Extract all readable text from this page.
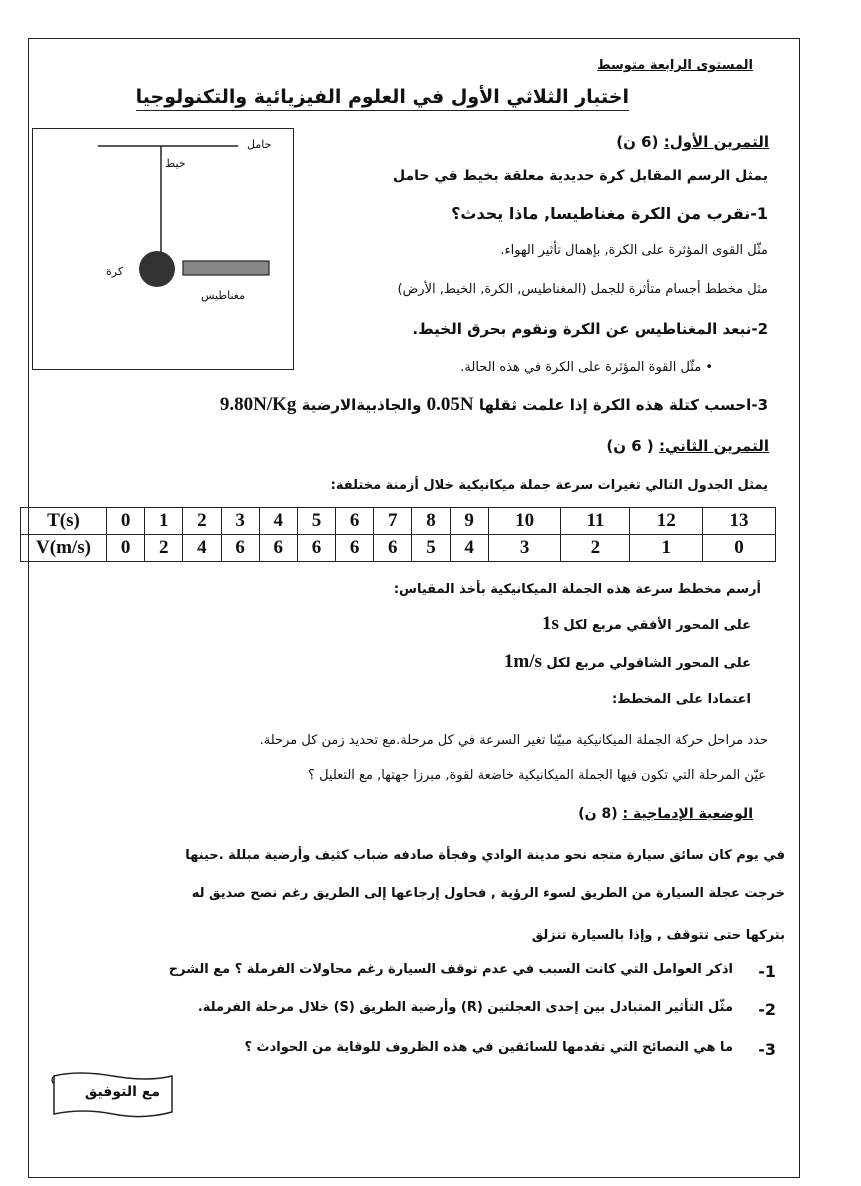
المستوى الرابعة متوسط
اختبار الثلاثي الأول في العلوم الفيزيائية والتكنولوجيا
حامل
خيط
كرة
مغناطيس
التمرين الأول: (6 ن)
يمثل الرسم المقابل كرة حديدية معلقة بخيط في حامل
1-نقرب من الكرة مغناطيسا, ماذا يحدث؟
مثّل القوى المؤثرة على الكرة, بإهمال تأثير الهواء.
مثل مخطط أجسام متأثرة للجمل (المغناطيس, الكرة, الخيط, الأرض)
2-نبعد المغناطيس عن الكرة ونقوم بحرق الخيط.
• مثّل القوة المؤثرة على الكرة في هذه الحالة.
3-احسب كتلة هذه الكرة إذا علمت ثقلها 0.05N والجاذبيةالارضية 9.80N/Kg
التمرين الثاني: ( 6 ن)
يمثل الجدول التالي تغيرات سرعة جملة ميكانيكية خلال أزمنة مختلفة:
T(s)	0	1	2	3	4	5	6	7	8	9	10	11	12	13
V(m/s)	0	2	4	6	6	6	6	6	5	4	3	2	1	0
أرسم مخطط سرعة هذه الجملة الميكانيكية بأخذ المقياس:
على المحور الأفقي مربع لكل 1s
على المحور الشاقولي مربع لكل 1m/s
اعتمادا على المخطط:
حدد مراحل حركة الجملة الميكانيكية مبيّنا تغير السرعة في كل مرحلة.مع تحديد زمن كل مرحلة.
عيّن المرحلة التي تكون فيها الجملة الميكانيكية خاضعة لقوة, مبرزا جهتها, مع التعليل ؟
الوضعية الإدماجية : (8 ن)
في يوم كان سائق سيارة متجه نحو مدينة الوادي وفجأة صادفه ضباب كثيف وأرضية مبللة .حينها
خرجت عجلة السيارة من الطريق لسوء الرؤية , فحاول إرجاعها إلى الطريق رغم نصح صديق له
بتركها حتى تتوقف , وإذا بالسيارة تنزلق
1-
اذكر العوامل التي كانت السبب في عدم توقف السيارة رغم محاولات الفرملة ؟ مع الشرح
2-
مثّل التأثير المتبادل بين إحدى العجلتين (R) وأرضية الطريق (S) خلال مرحلة الفرملة.
3-
ما هي النصائح التي تقدمها للسائقين في هذه الظروف للوقاية من الحوادث ؟
مع التوفيق
